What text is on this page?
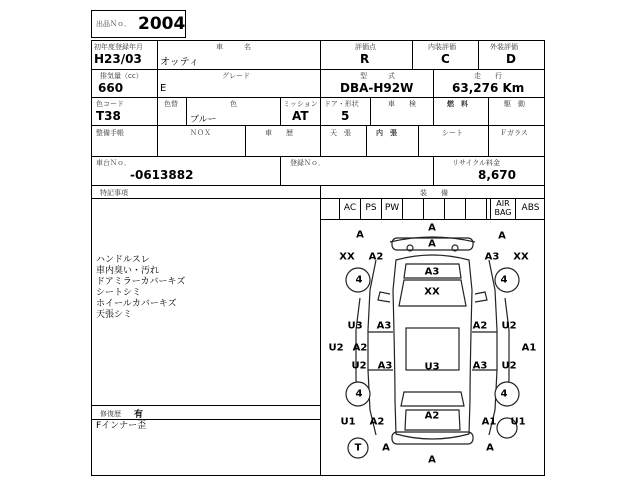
出品Ｎｏ． 2004
初年度登録年月
H23/03
車　　　名
オッティ
評価点
R
内装評価
C
外装評価
D
排気量（cc）
660
グレード
E
型　　　式
DBA-H92W
走　　行
63,276 Km
色コード
T38
色替	色
ブルー
ミッション
AT
ドア・形状
5
車　　検	燃　料	駆　動
整備手帳	ＮＯＸ	車　　歴	天　張	内　張	シート	Ｆガラス
車台Ｎｏ．
-0613882
登録Ｎｏ．	リサイクル料金
8,670
特記事項
ハンドルスレ
車内臭い・汚れ
ドアミラーカバーキズ
シートシミ
ホイールカバーキズ
天張シミ
修復歴 有
Fインナー歪
装　　備
AC	PS PW	AIR BAG	ABS
A
A	A
A
XX A2	A3 XX
4
A3
XX
4
U3 A3	A2 U2
U2 A2	A1
U2 A3	U3	A3 U2
4	4
A2
U1 A2	A1 U1
T A	A
A
